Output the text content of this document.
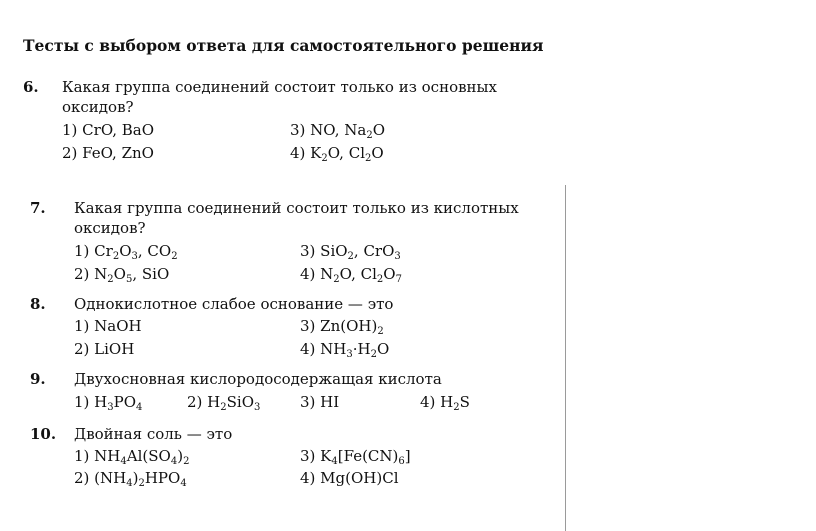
Тесты с выбором ответа для самостоятельного решения
6. Какая группа соединений состоит только из основных
оксидов?
1) CrO, BaO	3) NO, $Na_2O$
2) FeO, ZnO	4) $K_2O$, $Cl_2O$
7. Какая группа соединений состоит только из кислотных
оксидов?
1) $Cr_2O_3$, $CO_2$	3) SiO$_2$, CrO$_3$
2) $N_2O_5$, SiO	4) $N_2O$, $Cl_2O_7$
8. Однокислотное слабое основание — это
1) NaOH	3) $Zn(OH)_2$
2) LiOH	4) $NH_3\cdot H_2O$
9. Двухосновная кислородосодержащая кислота
1) $H_3PO_4$	2) $H_2SiO_3$	3) HI	4) $H_2S$
10. Двойная соль — это
1) $NH_4Al(SO_4)_2$	3) $K_4[Fe(CN)_6]$
2) $(NH_4)_2HPO_4$	4) Mg(OH)Cl
